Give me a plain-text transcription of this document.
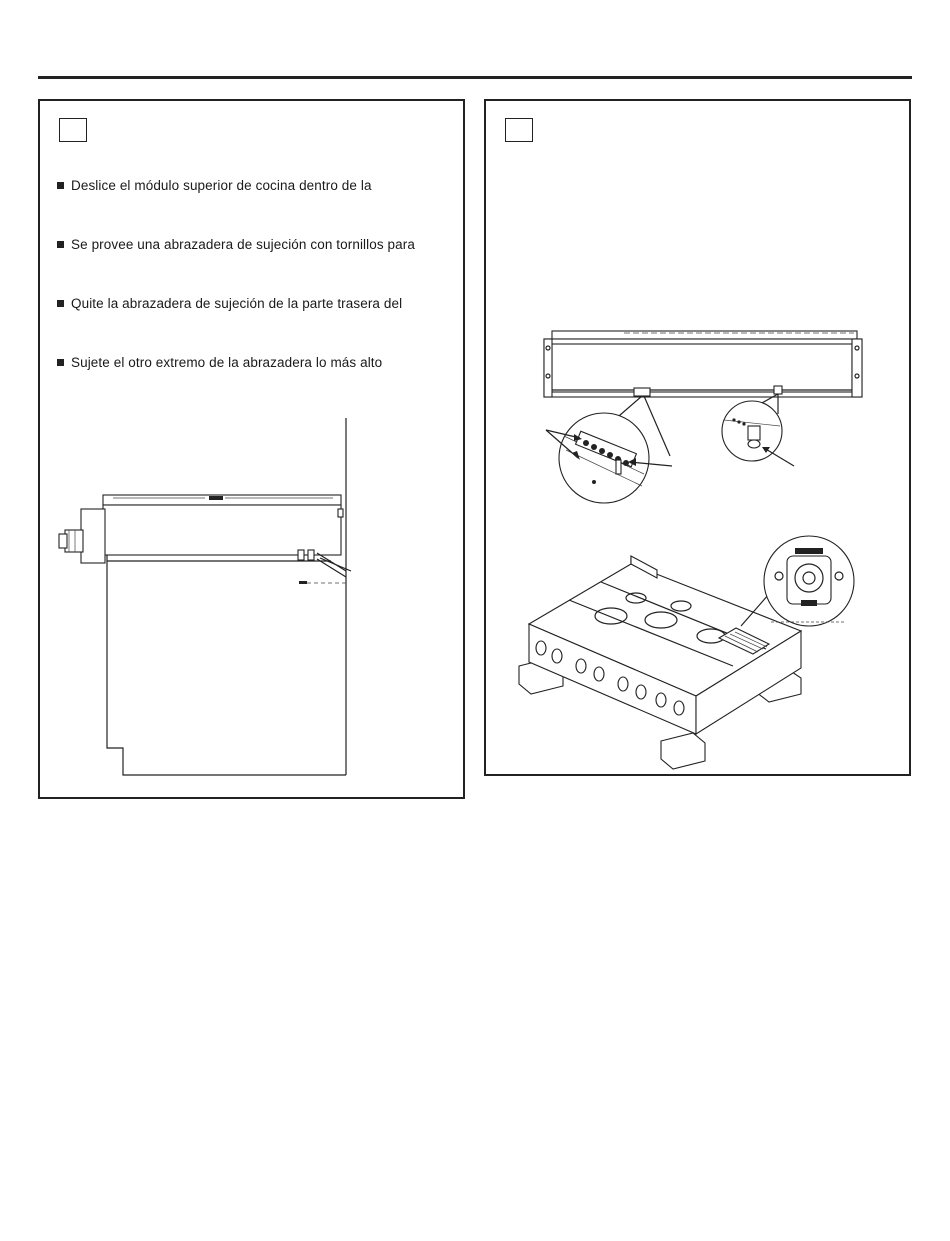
Deslice el módulo superior de cocina dentro de la
Se provee una abrazadera de sujeción con tornillos para
Quite la abrazadera de sujeción de la parte trasera del
Sujete el otro extremo de la abrazadera lo más alto
